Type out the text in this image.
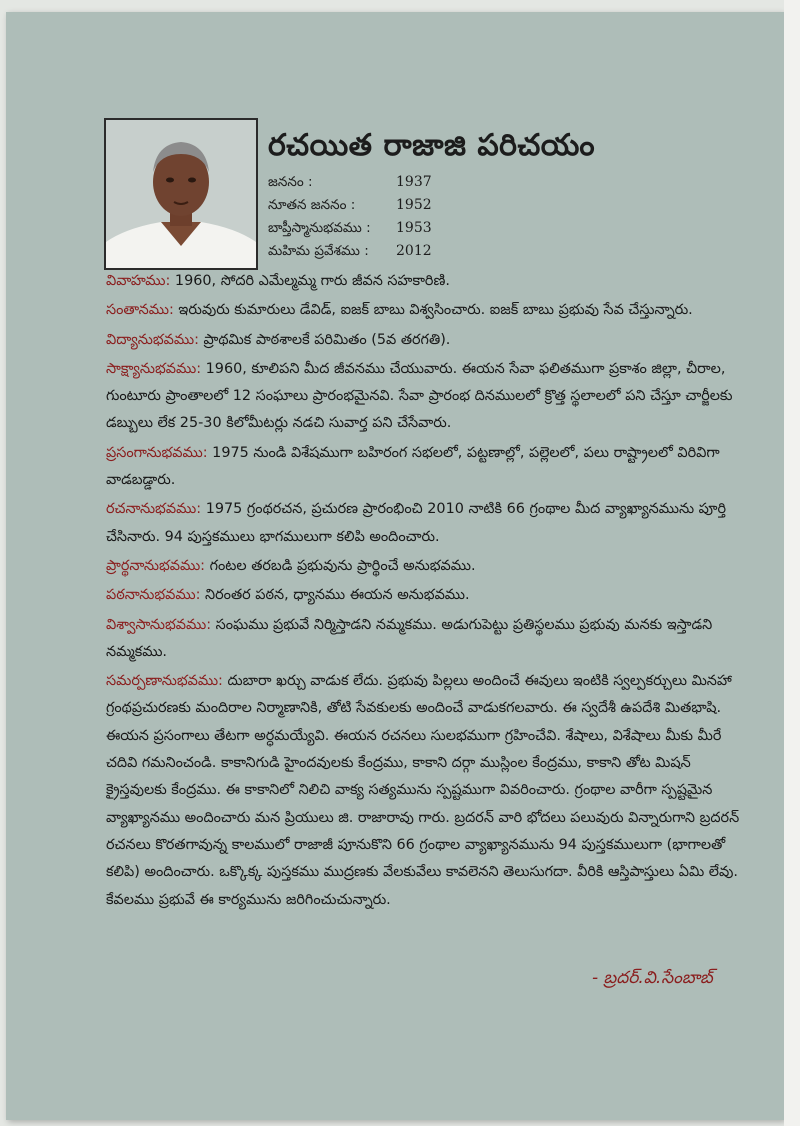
రచయిత రాజాజి పరిచయం
జననం :	1937
నూతన జననం :	1952
బాప్తీస్మానుభవము : 1953
మహిమ ప్రవేశము : 2012

వివాహము: 1960, సోదరి ఎమేల్మమ్మ గారు జీవన సహకారిణి.

సంతానము: ఇరువురు కుమారులు డేవిడ్, ఐజక్ బాబు విశ్వసించారు. ఐజక్ బాబు ప్రభువు సేవ చేస్తున్నారు.

విద్యానుభవము: ప్రాథమిక పాఠశాలకే పరిమితం (5వ తరగతి).

సాక్ష్యానుభవము: 1960, కూలిపని మీద జీవనము చేయువారు. ఈయన సేవా ఫలితముగా ప్రకాశం జిల్లా, చీరాల, గుంటూరు ప్రాంతాలలో 12 సంఘాలు ప్రారంభమైనవి. సేవా ప్రారంభ దినములలో క్రొత్త స్థలాలలో పని చేస్తూ చార్జీలకు డబ్బులు లేక 25-30 కిలోమీటర్లు నడచి సువార్త పని చేసేవారు.

ప్రసంగానుభవము: 1975 నుండి విశేషముగా బహిరంగ సభలలో, పట్టణాల్లో, పల్లెలలో, పలు రాష్ట్రాలలో విరివిగా వాడబడ్డారు.

రచనానుభవము: 1975 గ్రంథరచన, ప్రచురణ ప్రారంభించి 2010 నాటికి 66 గ్రంథాల మీద వ్యాఖ్యానమును పూర్తి చేసినారు. 94 పుస్తకములు భాగములుగా కలిపి అందించారు.

ప్రార్థనానుభవము: గంటల తరబడి ప్రభువును ప్రార్థించే అనుభవము.

పఠనానుభవము: నిరంతర పఠన, ధ్యానము ఈయన అనుభవము.

విశ్వాసానుభవము: సంఘము ప్రభువే నిర్మిస్తాడని నమ్మకము. అడుగుపెట్టు ప్రతిస్థలము ప్రభువు మనకు ఇస్తాడని నమ్మకము.

సమర్పణానుభవము: దుబారా ఖర్చు వాడుక లేదు. ప్రభువు పిల్లలు అందించే ఈవులు ఇంటికి స్వల్పకర్చులు మినహా గ్రంథప్రచురణకు మందిరాల నిర్మాణానికి, తోటి సేవకులకు అందించే వాడుకగలవారు. ఈ స్వదేశీ ఉపదేశి మితభాషి. ఈయన ప్రసంగాలు తేటగా అర్ధమయ్యేవి. ఈయన రచనలు సులభముగా గ్రహించేవి. శేషాలు, విశేషాలు మీకు మీరే చదివి గమనించండి. కాకానిగుడి హైందవులకు కేంద్రము, కాకాని దర్గా ముస్లింల కేంద్రము, కాకాని తోట మిషన్ క్రైస్తవులకు కేంద్రము. ఈ కాకానిలో నిలిచి వాక్య సత్యమును స్పష్టముగా వివరించారు. గ్రంథాల వారీగా స్పష్టమైన వ్యాఖ్యానము అందించారు మన ప్రియులు జి. రాజారావు గారు. బ్రదరన్ వారి భోదలు పలువురు విన్నారుగాని బ్రదరన్ రచనలు కొరతగావున్న కాలములో రాజాజీ పూనుకొని 66 గ్రంథాల వ్యాఖ్యానమును 94 పుస్తకములుగా (భాగాలతో కలిపి) అందించారు. ఒక్కొక్క పుస్తకము ముద్రణకు వేలకువేలు కావలెనని తెలుసుగదా. వీరికి ఆస్తిపాస్తులు ఏమి లేవు. కేవలము ప్రభువే ఈ కార్యమును జరిగించుచున్నారు.

- బ్రదర్.వి.సేంబాబ్
